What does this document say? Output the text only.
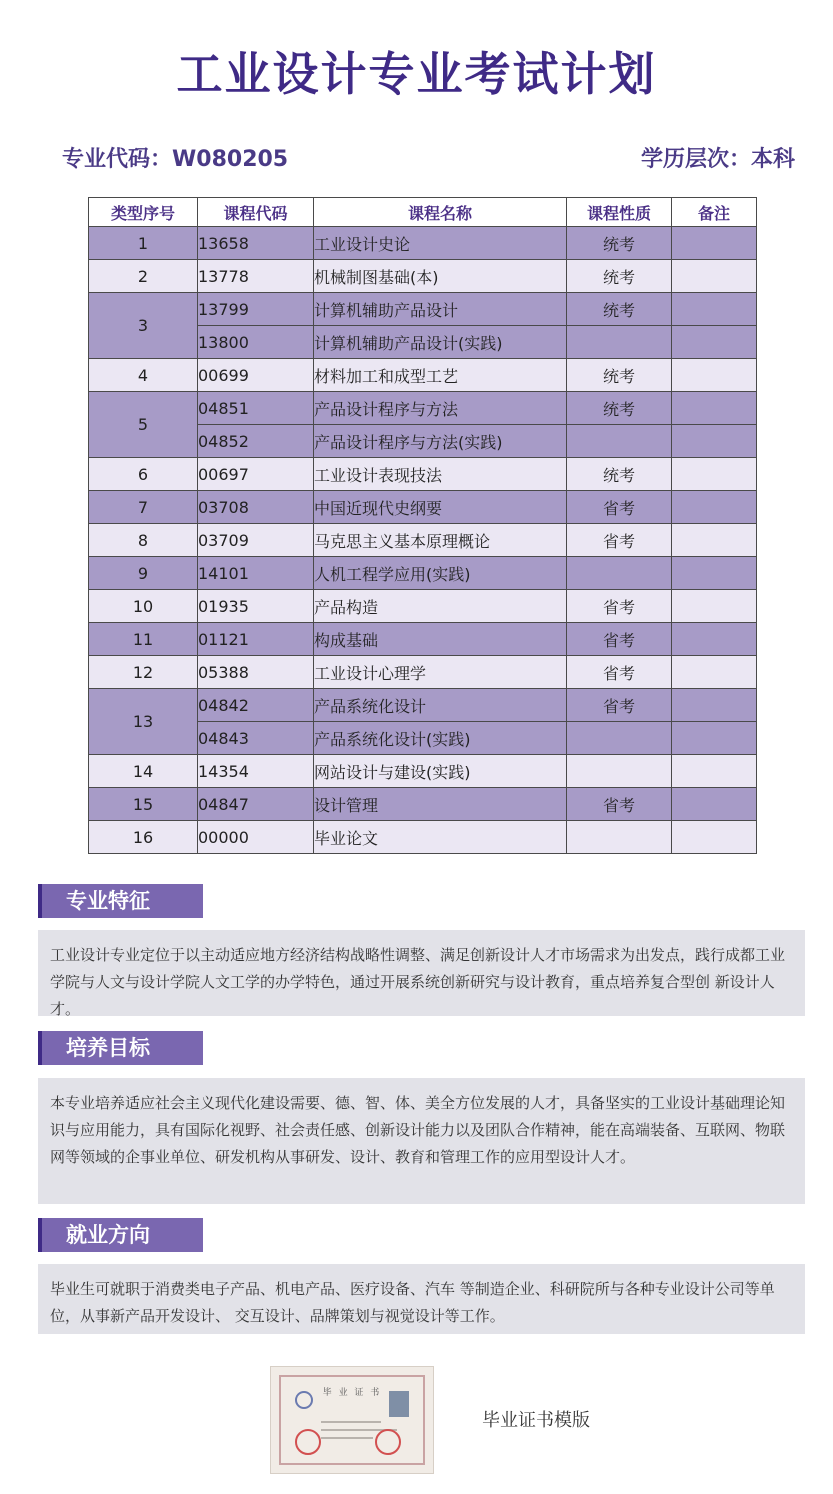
工业设计专业考试计划
专业代码：W080205	学历层次：本科
类型序号	课程代码	课程名称	课程性质	备注
1	13658	工业设计史论	统考	
2	13778	机械制图基础(本)	统考	
3	13799	计算机辅助产品设计	统考	
	13800	计算机辅助产品设计(实践)		
4	00699	材料加工和成型工艺	统考	
5	04851	产品设计程序与方法	统考	
	04852	产品设计程序与方法(实践)		
6	00697	工业设计表现技法	统考	
7	03708	中国近现代史纲要	省考	
8	03709	马克思主义基本原理概论	省考	
9	14101	人机工程学应用(实践)		
10	01935	产品构造	省考	
11	01121	构成基础	省考	
12	05388	工业设计心理学	省考	
13	04842	产品系统化设计	省考	
	04843	产品系统化设计(实践)		
14	14354	网站设计与建设(实践)		
15	04847	设计管理	省考	
16	00000	毕业论文		
专业特征
工业设计专业定位于以主动适应地方经济结构战略性调整、满足创新设计人才市场需求为出发点，践行成都工业学院与人文与设计学院人文工学的办学特色，通过开展系统创新研究与设计教育，重点培养复合型创 新设计人才。
培养目标
本专业培养适应社会主义现代化建设需要、德、智、体、美全方位发展的人才，具备坚实的工业设计基础理论知识与应用能力，具有国际化视野、社会责任感、创新设计能力以及团队合作精神，能在高端装备、互联网、物联网等领域的企事业单位、研发机构从事研发、设计、教育和管理工作的应用型设计人才。
就业方向
毕业生可就职于消费类电子产品、机电产品、医疗设备、汽车 等制造企业、科研院所与各种专业设计公司等单位，从事新产品开发设计、 交互设计、品牌策划与视觉设计等工作。
毕 业 证 书
毕业证书模版
